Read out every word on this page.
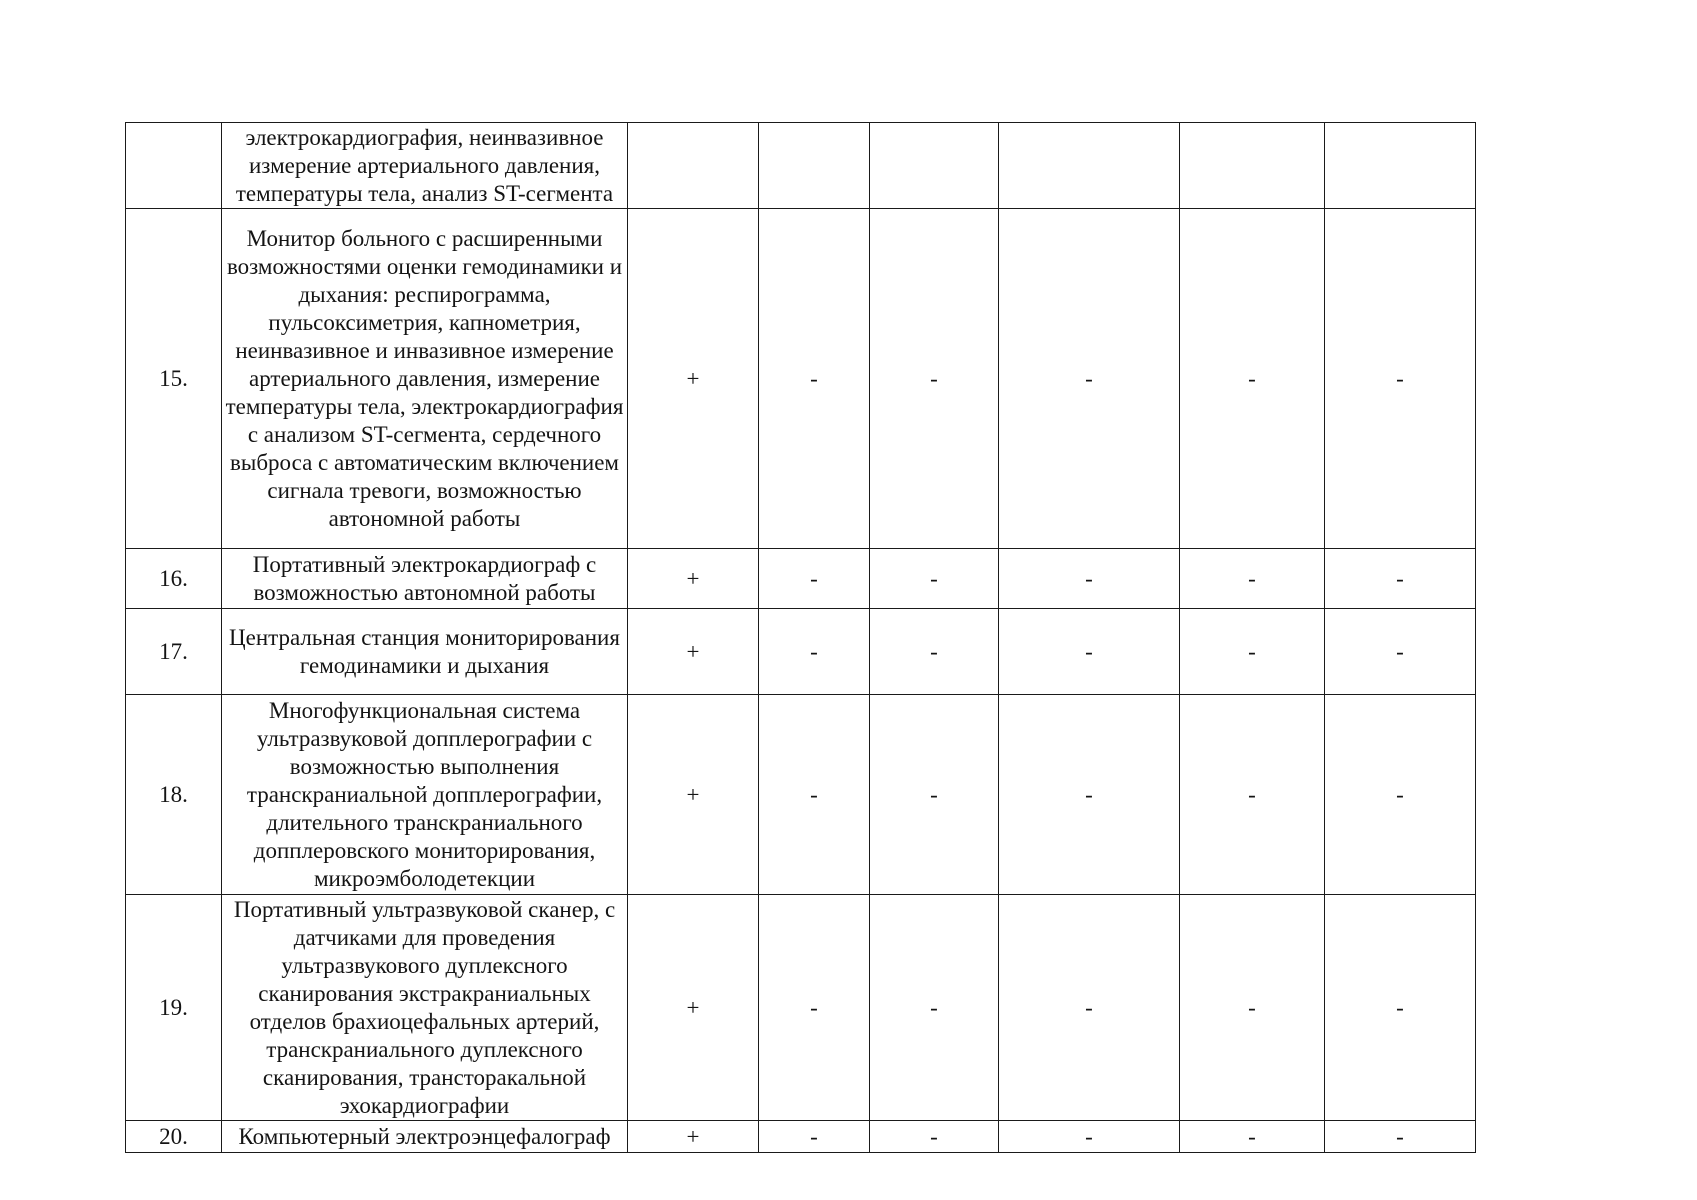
	электрокардиография, неинвазивное измерение артериального давления, температуры тела, анализ ST-сегмента						
15.	Монитор больного с расширенными возможностями оценки гемодинамики и дыхания: респирограмма, пульсоксиметрия, капнометрия, неинвазивное и инвазивное измерение артериального давления, измерение температуры тела, электрокардиография с анализом ST-сегмента, сердечного выброса с автоматическим включением сигнала тревоги, возможностью автономной работы	+	-	-	-	-	-
16.	Портативный электрокардиограф с возможностью автономной работы	+	-	-	-	-	-
17.	Центральная станция мониторирования гемодинамики и дыхания	+	-	-	-	-	-
18.	Многофункциональная система ультразвуковой допплерографии с возможностью выполнения транскраниальной допплерографии, длительного транскраниального допплеровского мониторирования, микроэмболодетекции	+	-	-	-	-	-
19.	Портативный ультразвуковой сканер, с датчиками для проведения ультразвукового дуплексного сканирования экстракраниальных отделов брахиоцефальных артерий, транскраниального дуплексного сканирования, трансторакальной эхокардиографии	+	-	-	-	-	-
20.	Компьютерный электроэнцефалограф	+	-	-	-	-	-
